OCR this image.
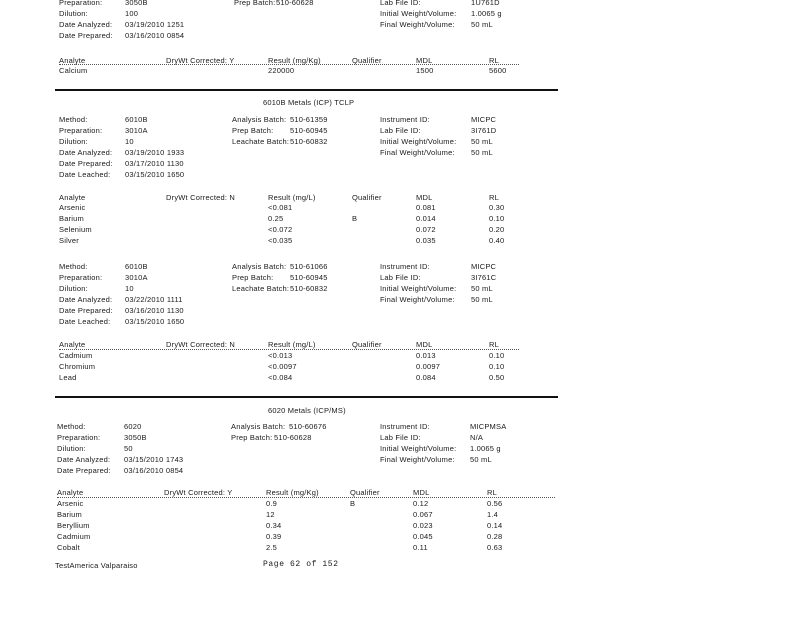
Preparation:	3050B
Dilution:	100
Date Analyzed: 03/19/2010 1251
Date Prepared: 03/16/2010 0854
Prep Batch: 510-60628	Lab File ID:	1U761D
Initial Weight/Volume: 1.0065 g
Final Weight/Volume: 50 mL
Analyte	DryWt Corrected: Y	Result (mg/Kg)	Qualifier	MDL	RL
Calcium	220000	1500	5600
6010B Metals (ICP) TCLP
Method:	6010B
Preparation:	3010A
Dilution:	10
Date Analyzed: 03/19/2010 1933
Date Prepared: 03/17/2010 1130
Date Leached: 03/15/2010 1650
Analysis Batch: 510-61359
Prep Batch: 510-60945
Leachate Batch: 510-60832
Instrument ID:	MICPC
Lab File ID:	3I761D
Initial Weight/Volume: 50 mL
Final Weight/Volume: 50 mL
Analyte	DryWt Corrected: N	Result (mg/L)	Qualifier	MDL	RL
Arsenic	<0.081	0.081	0.30
Barium	0.25	B	0.014	0.10
Selenium	<0.072	0.072	0.20
Silver	<0.035	0.035	0.40
Method:	6010B
Preparation:	3010A
Dilution:	10
Date Analyzed: 03/22/2010 1111
Date Prepared: 03/16/2010 1130
Date Leached: 03/15/2010 1650
Analysis Batch: 510-61066
Prep Batch: 510-60945
Leachate Batch: 510-60832
Instrument ID:	MICPC
Lab File ID:	3I761C
Initial Weight/Volume: 50 mL
Final Weight/Volume: 50 mL
Analyte	DryWt Corrected: N	Result (mg/L)	Qualifier	MDL	RL
Cadmium	<0.013	0.013	0.10
Chromium	<0.0097	0.0097	0.10
Lead	<0.084	0.084	0.50
6020 Metals (ICP/MS)
Method:	6020
Preparation:	3050B
Dilution:	50
Date Analyzed: 03/15/2010 1743
Date Prepared: 03/16/2010 0854
Analysis Batch: 510-60676
Prep Batch: 510-60628
Instrument ID:	MICPMSA
Lab File ID:	N/A
Initial Weight/Volume: 1.0065 g
Final Weight/Volume: 50 mL
Analyte	DryWt Corrected: Y	Result (mg/Kg)	Qualifier	MDL	RL
Arsenic	0.9	B	0.12	0.56
Barium	12	0.067	1.4
Beryllium	0.34	0.023	0.14
Cadmium	0.39	0.045	0.28
Cobalt	2.5	0.11	0.63
TestAmerica Valparaiso	Page 62 of 152
